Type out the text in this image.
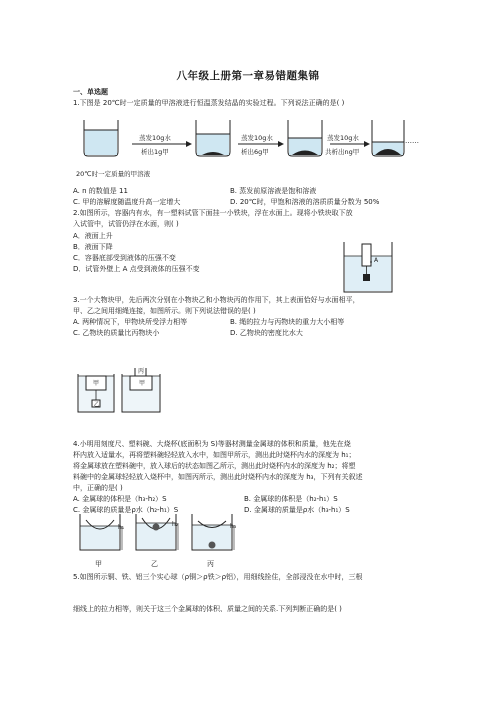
八年级上册第一章易错题集锦
一、单选题
1.下图是 20℃时一定质量的甲溶液进行恒温蒸发结晶的实验过程。下列说法正确的是( )
20℃时一定质量的甲溶液
蒸发10g水
析出1g甲
蒸发10g水
析出6g甲
蒸发10g水
共析出ng甲
……
A. n 的数值是 11	B. 蒸发前原溶液是饱和溶液
C. 甲的溶解度随温度升高一定增大	D. 20℃时，甲饱和溶液的溶质质量分数为 50%
2.如图所示，容器内有水，有一塑料试管下面挂一小铁块，浮在水面上。现将小铁块取下放
入试管中，试管仍浮在水面，则( )
A．液面上升
B．液面下降
C．容器底部受到液体的压强不变
D．试管外壁上 A 点受到液体的压强不变
A
3.一个大物块甲，先后两次分别在小物块乙和小物块丙的作用下，其上表面恰好与水面相平，
甲、乙之间用细绳连接，如图所示。则下列说法错误的是( )
A. 两种情况下，甲物块所受浮力相等	B. 绳的拉力与丙物块的重力大小相等
C. 乙物块的质量比丙物块小	D. 乙物块的密度比水大
甲
乙
甲
丙
4.小明用刻度尺、塑料碗、大烧杯(底面积为 S)等器材测量金属球的体积和质量，他先在烧
杯内放入适量水，再将塑料碗轻轻放入水中，如图甲所示，测出此时烧杯内水的深度为 h₁；
将金属球放在塑料碗中，放入球后的状态如图乙所示，测出此时烧杯内水的深度为 h₂；将塑
料碗中的金属球轻轻放入烧杯中，如图丙所示，测出此时烧杯内水的深度为 h₃，下列有关叙述
中，正确的是( )
A. 金属球的体积是（h₃-h₂）S	B. 金属球的体积是（h₂-h₁）S
C. 金属球的质量是ρ水（h₂-h₁）S	D. 金属球的质量是ρ水（h₃-h₁）S
h₁	h₂	h₃
甲	乙	丙
5.如图所示铜、铁、铝三个实心球（ρ铜＞ρ铁＞ρ铝），用细线拴住，全部浸没在水中时，三根
细线上的拉力相等，则关于这三个金属球的体积、质量之间的关系.下列判断正确的是( )
